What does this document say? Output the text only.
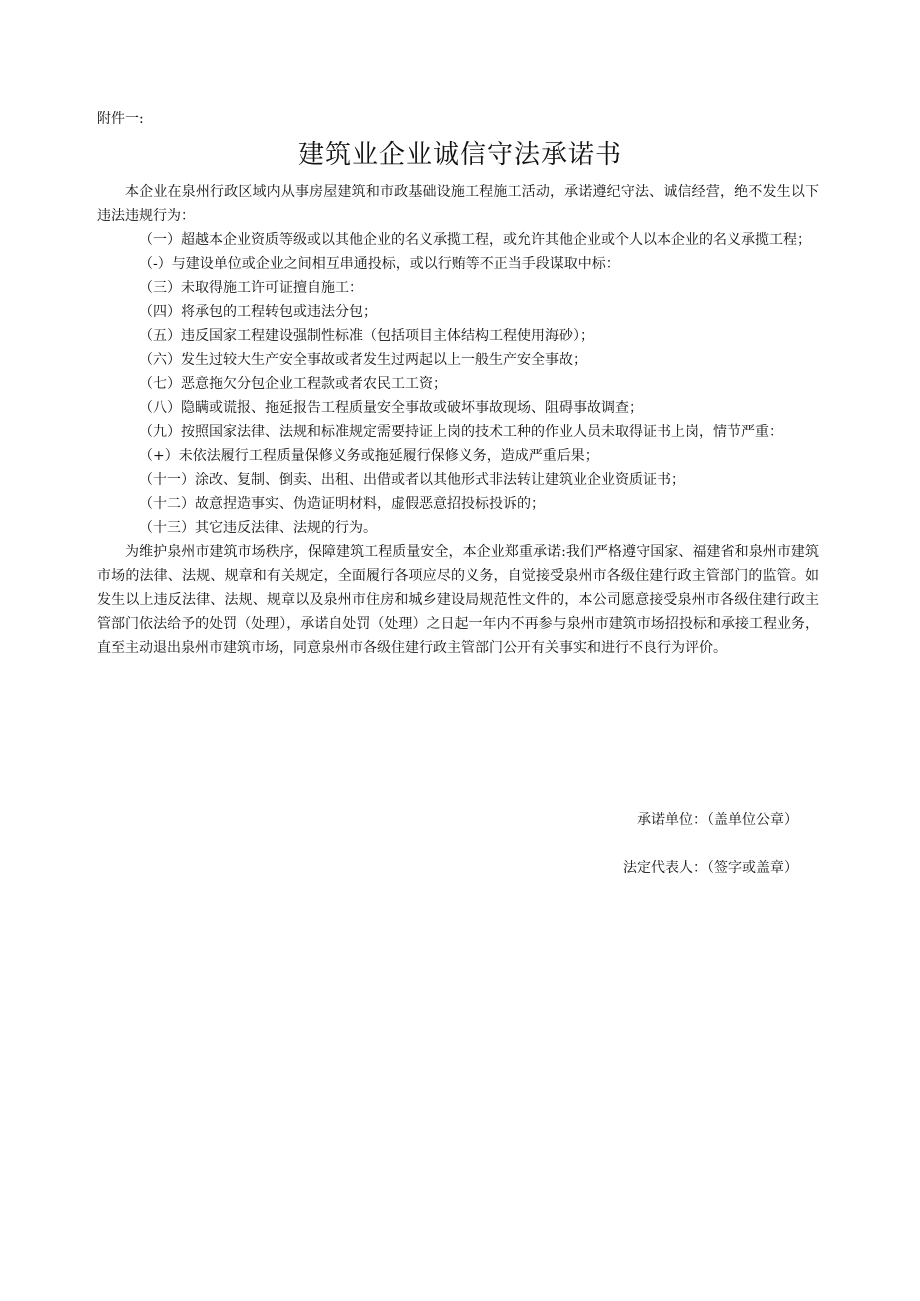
附件一:
建筑业企业诚信守法承诺书

本企业在泉州行政区域内从事房屋建筑和市政基础设施工程施工活动，承诺遵纪守法、诚信经营，绝不发生以下违法违规行为：

（一）超越本企业资质等级或以其他企业的名义承揽工程，或允许其他企业或个人以本企业的名义承揽工程；

（-）与建设单位或企业之间相互串通投标，或以行贿等不正当手段谋取中标：

（三）未取得施工许可证擅自施工：

（四）将承包的工程转包或违法分包；

（五）违反国家工程建设强制性标准（包括项目主体结构工程使用海砂）；

（六）发生过较大生产安全事故或者发生过两起以上一般生产安全事故；

（七）恶意拖欠分包企业工程款或者农民工工资；

（八）隐瞒或谎报、拖延报告工程质量安全事故或破坏事故现场、阻碍事故调查；

（九）按照国家法律、法规和标准规定需要持证上岗的技术工种的作业人员未取得证书上岗，情节严重：

（+）未依法履行工程质量保修义务或拖延履行保修义务，造成严重后果；

（十一）涂改、复制、倒卖、出租、出借或者以其他形式非法转让建筑业企业资质证书；

（十二）故意捏造事实、伪造证明材料，虚假恶意招投标投诉的；

（十三）其它违反法律、法规的行为。

为维护泉州市建筑市场秩序，保障建筑工程质量安全，本企业郑重承诺:我们严格遵守国家、福建省和泉州市建筑市场的法律、法规、规章和有关规定，全面履行各项应尽的义务，自觉接受泉州市各级住建行政主管部门的监管。如发生以上违反法律、法规、规章以及泉州市住房和城乡建设局规范性文件的，本公司愿意接受泉州市各级住建行政主管部门依法给予的处罚（处理），承诺自处罚（处理）之日起一年内不再参与泉州市建筑市场招投标和承接工程业务，直至主动退出泉州市建筑市场，同意泉州市各级住建行政主管部门公开有关事实和进行不良行为评价。

承诺单位：（盖单位公章）
法定代表人：（签字或盖章）
